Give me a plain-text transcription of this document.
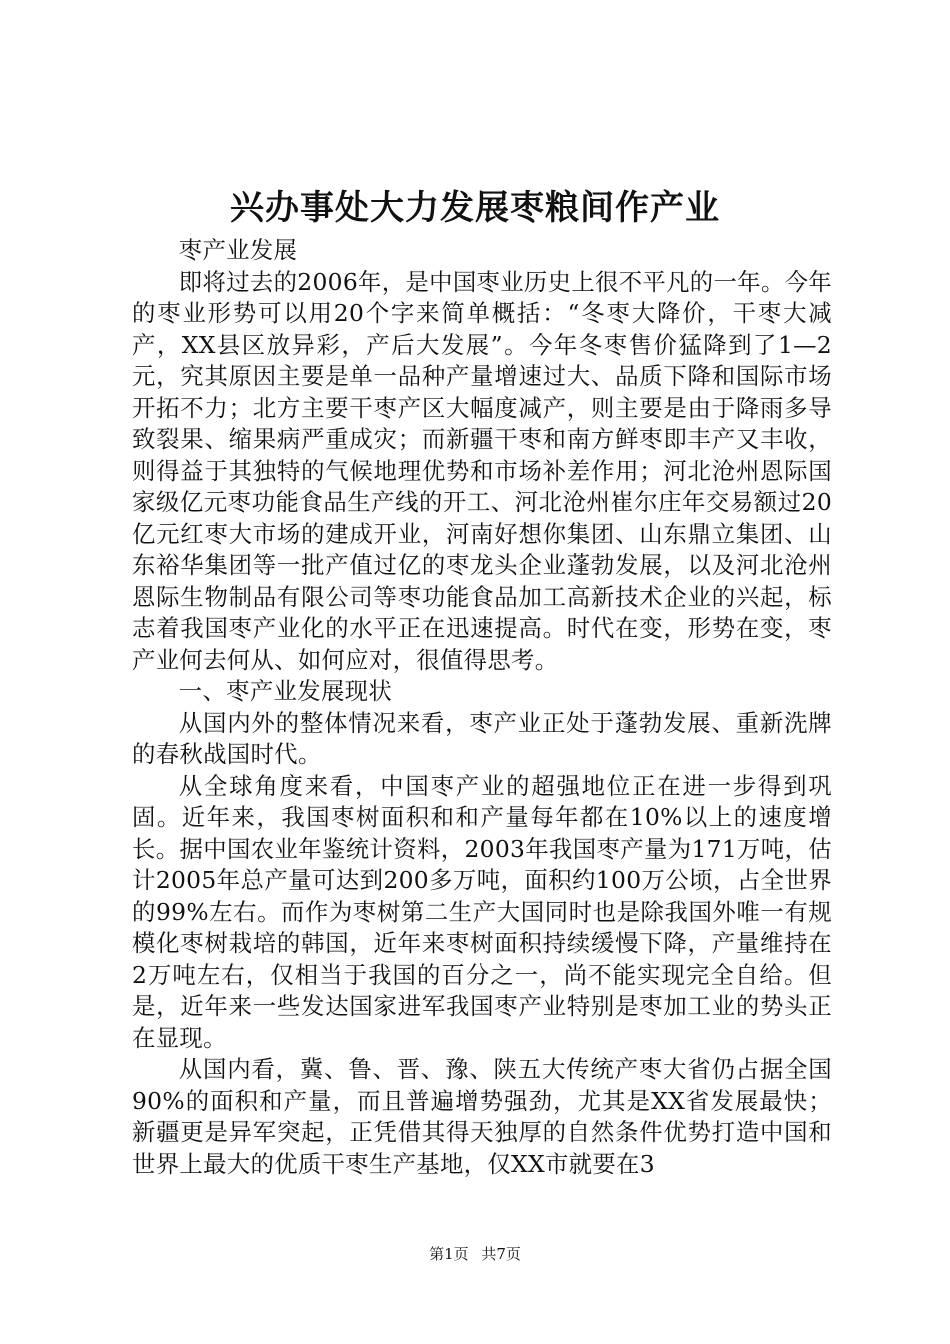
兴办事处大力发展枣粮间作产业

枣产业发展

即将过去的2006年，是中国枣业历史上很不平凡的一年。今年的枣业形势可以用20个字来简单概括：“冬枣大降价，干枣大减产，XX县区放异彩，产后大发展”。今年冬枣售价猛降到了1—2元，究其原因主要是单一品种产量增速过大、品质下降和国际市场开拓不力；北方主要干枣产区大幅度减产，则主要是由于降雨多导致裂果、缩果病严重成灾；而新疆干枣和南方鲜枣即丰产又丰收，则得益于其独特的气候地理优势和市场补差作用；河北沧州恩际国家级亿元枣功能食品生产线的开工、河北沧州崔尔庄年交易额过20亿元红枣大市场的建成开业，河南好想你集团、山东鼎立集团、山东裕华集团等一批产值过亿的枣龙头企业蓬勃发展，以及河北沧州恩际生物制品有限公司等枣功能食品加工高新技术企业的兴起，标志着我国枣产业化的水平正在迅速提高。时代在变，形势在变，枣产业何去何从、如何应对，很值得思考。

一、枣产业发展现状

从国内外的整体情况来看，枣产业正处于蓬勃发展、重新洗牌的春秋战国时代。

从全球角度来看，中国枣产业的超强地位正在进一步得到巩固。近年来，我国枣树面积和和产量每年都在10%以上的速度增长。据中国农业年鉴统计资料，2003年我国枣产量为171万吨，估计2005年总产量可达到200多万吨，面积约100万公顷，占全世界的99%左右。而作为枣树第二生产大国同时也是除我国外唯一有规模化枣树栽培的韩国，近年来枣树面积持续缓慢下降，产量维持在2万吨左右，仅相当于我国的百分之一，尚不能实现完全自给。但是，近年来一些发达国家进军我国枣产业特别是枣加工业的势头正在显现。

从国内看，冀、鲁、晋、豫、陕五大传统产枣大省仍占据全国90%的面积和产量，而且普遍增势强劲，尤其是XX省发展最快；新疆更是异军突起，正凭借其得天独厚的自然条件优势打造中国和世界上最大的优质干枣生产基地，仅XX市就要在3

第1页 共7页
